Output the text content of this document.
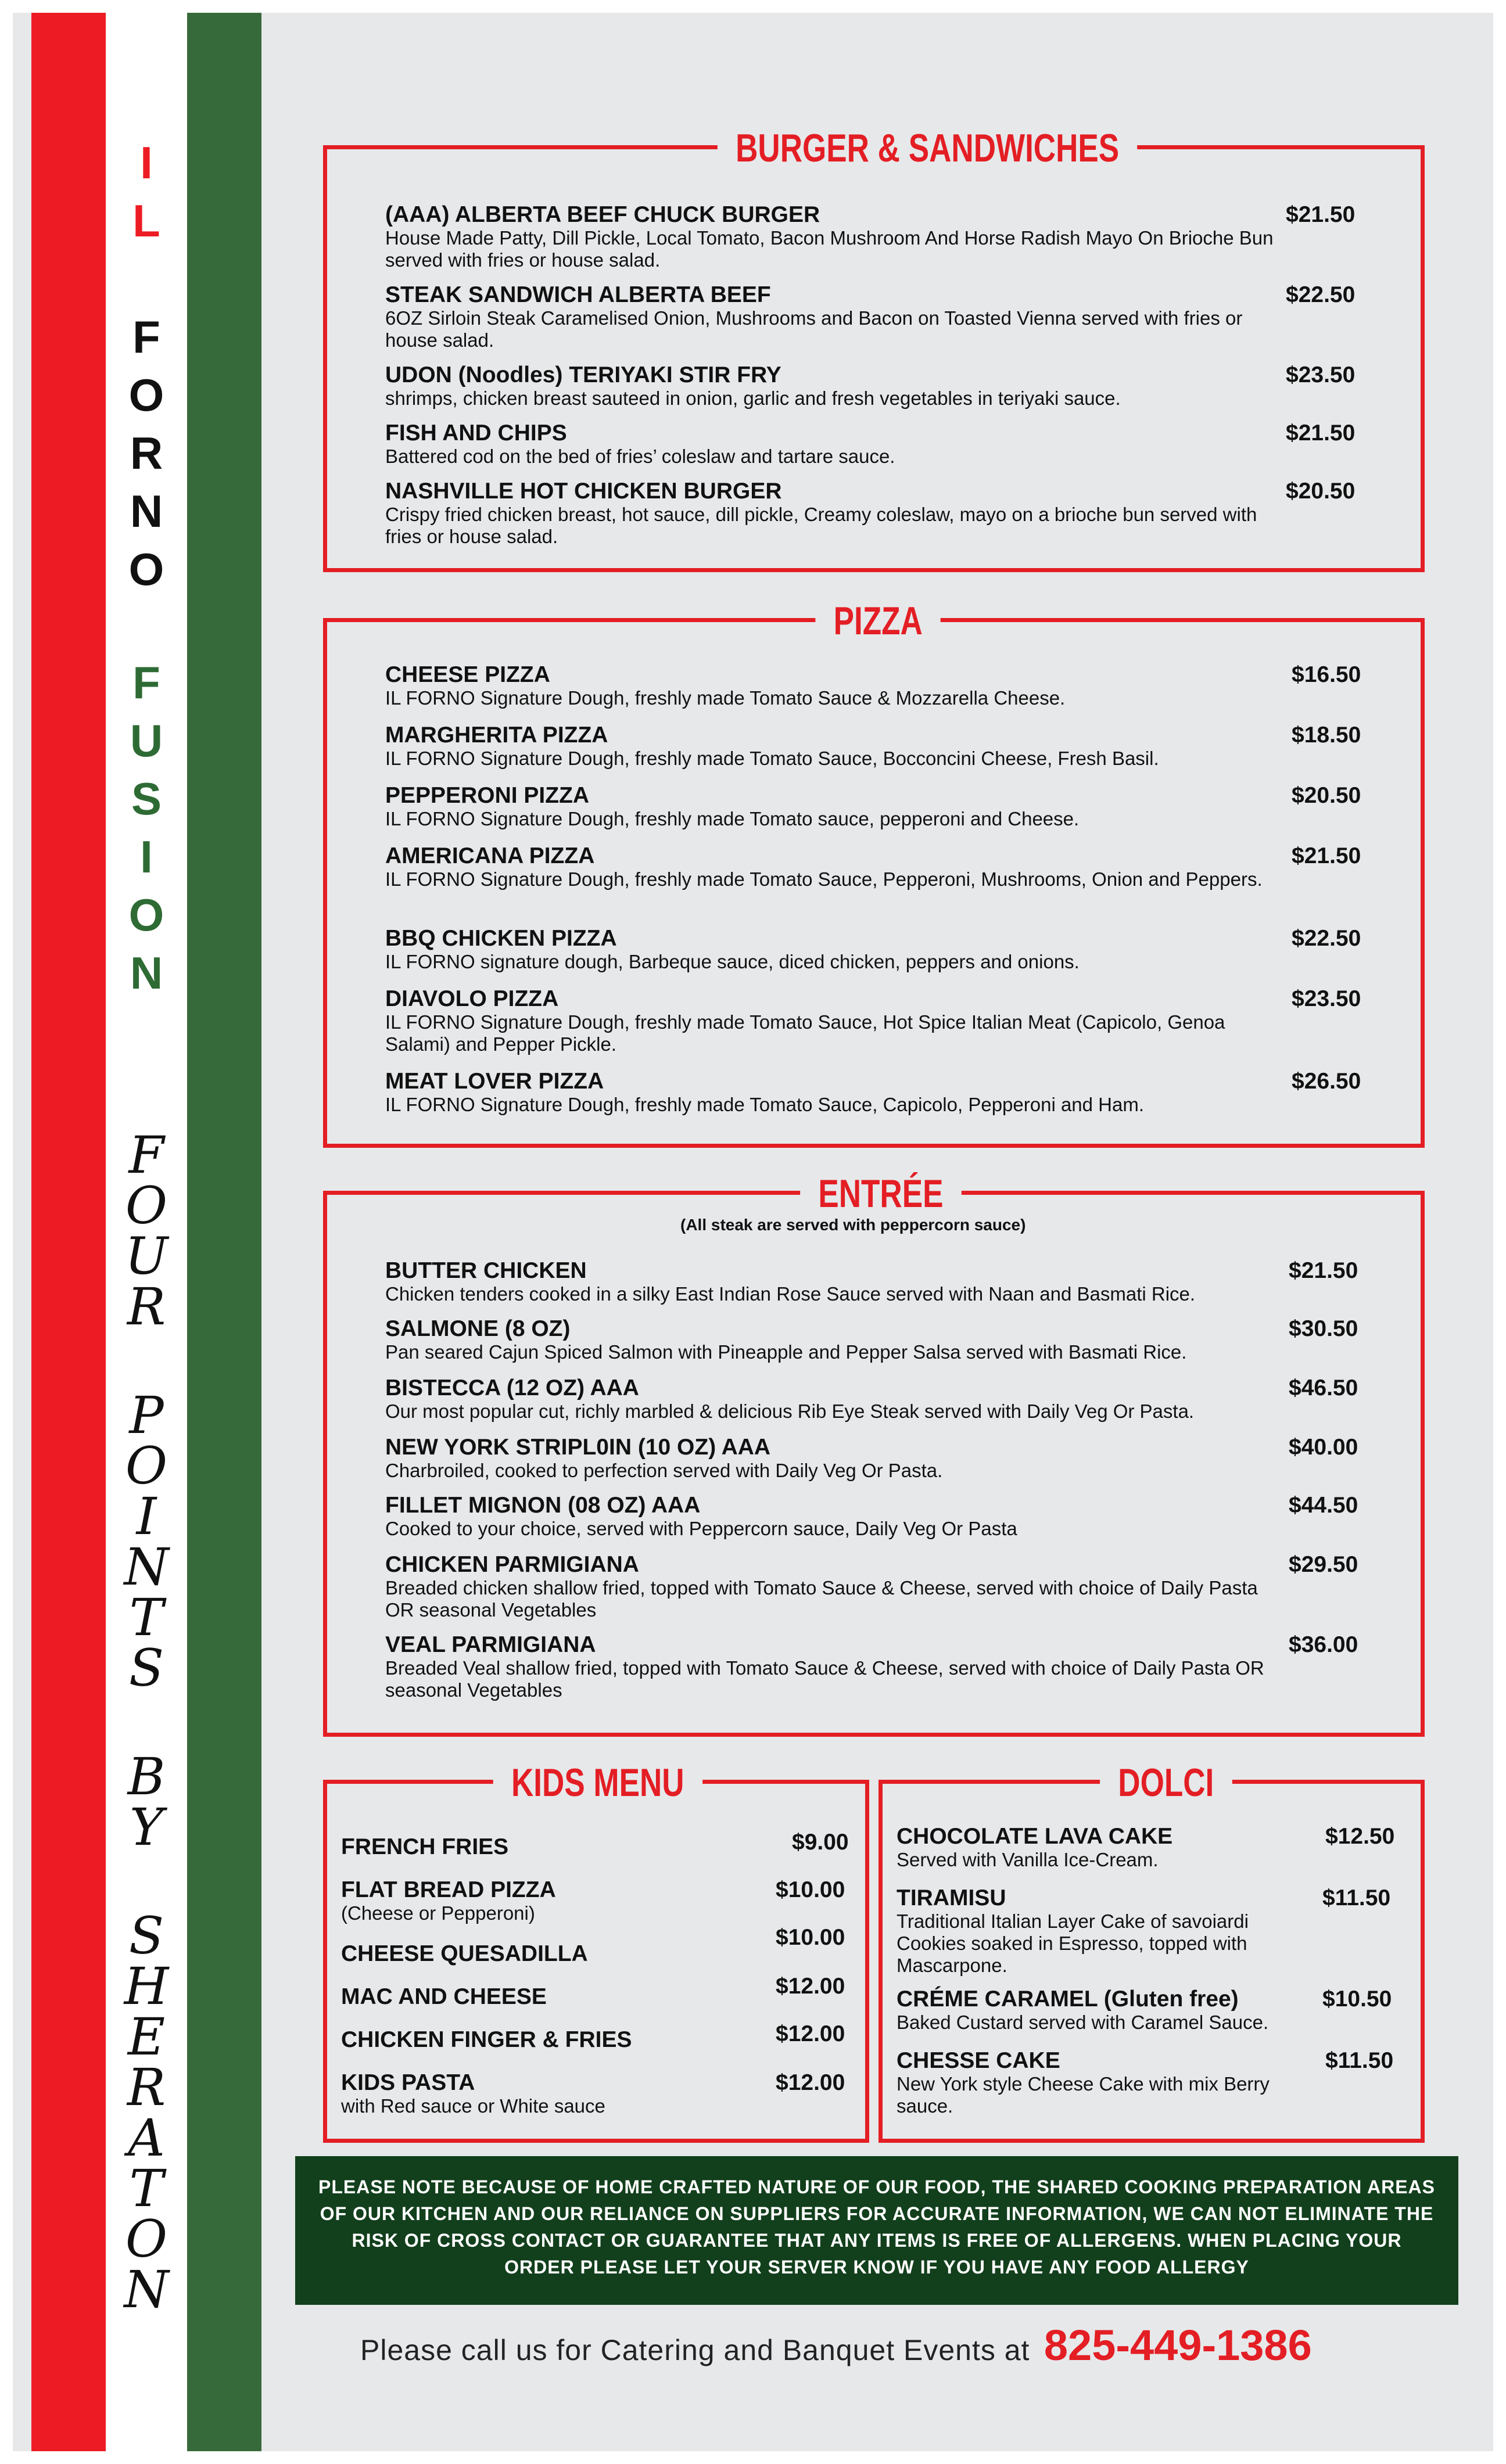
I
L
F
O
R
N
O
F
U
S
I
O
N
F
O
U
R
P
O
I
N
T
S
B
Y
S
H
E
R
A
T
O
N
BURGER & SANDWICHES
(AAA) ALBERTA BEEF CHUCK BURGER
House Made Patty, Dill Pickle, Local Tomato, Bacon Mushroom And Horse Radish Mayo On Brioche Bun served with fries or house salad.
$21.50
STEAK SANDWICH ALBERTA BEEF
6OZ Sirloin Steak Caramelised Onion, Mushrooms and Bacon on Toasted Vienna served with fries or house salad.
$22.50
UDON (Noodles) TERIYAKI STIR FRY
shrimps, chicken breast sauteed in onion, garlic and fresh vegetables in teriyaki sauce.
$23.50
FISH AND CHIPS
Battered cod on the bed of fries’ coleslaw and tartare sauce.
$21.50
NASHVILLE HOT CHICKEN BURGER
Crispy fried chicken breast, hot sauce, dill pickle, Creamy coleslaw, mayo on a brioche bun served with fries or house salad.
$20.50
PIZZA
CHEESE PIZZA
IL FORNO Signature Dough, freshly made Tomato Sauce & Mozzarella Cheese.
$16.50
MARGHERITA PIZZA
IL FORNO Signature Dough, freshly made Tomato Sauce, Bocconcini Cheese, Fresh Basil.
$18.50
PEPPERONI PIZZA
IL FORNO Signature Dough, freshly made Tomato sauce, pepperoni and Cheese.
$20.50
AMERICANA PIZZA
IL FORNO Signature Dough, freshly made Tomato Sauce, Pepperoni, Mushrooms, Onion and Peppers.
$21.50
BBQ CHICKEN PIZZA
IL FORNO signature dough, Barbeque sauce, diced chicken, peppers and onions.
$22.50
DIAVOLO PIZZA
IL FORNO Signature Dough, freshly made Tomato Sauce, Hot Spice Italian Meat (Capicolo, Genoa Salami) and Pepper Pickle.
$23.50
MEAT LOVER PIZZA
IL FORNO Signature Dough, freshly made Tomato Sauce, Capicolo, Pepperoni and Ham.
$26.50
ENTRÉE
(All steak are served with peppercorn sauce)
BUTTER CHICKEN
Chicken tenders cooked in a silky East Indian Rose Sauce served with Naan and Basmati Rice.
$21.50
SALMONE (8 OZ)
Pan seared Cajun Spiced Salmon with Pineapple and Pepper Salsa served with Basmati Rice.
$30.50
BISTECCA (12 OZ) AAA
Our most popular cut, richly marbled & delicious Rib Eye Steak served with Daily Veg Or Pasta.
$46.50
NEW YORK STRIPL0IN (10 OZ) AAA
Charbroiled, cooked to perfection served with Daily Veg Or Pasta.
$40.00
FILLET MIGNON (08 OZ) AAA
Cooked to your choice, served with Peppercorn sauce, Daily Veg Or Pasta
$44.50
CHICKEN PARMIGIANA
Breaded chicken shallow fried, topped with Tomato Sauce & Cheese, served with choice of Daily Pasta OR seasonal Vegetables
$29.50
VEAL PARMIGIANA
Breaded Veal shallow fried, topped with Tomato Sauce & Cheese, served with choice of Daily Pasta OR seasonal Vegetables
$36.00
KIDS MENU
FRENCH FRIES	$9.00
FLAT BREAD PIZZA
(Cheese or Pepperoni)
$10.00
CHEESE QUESADILLA
$10.00
MAC AND CHEESE	$12.00
CHICKEN FINGER & FRIES	$12.00
KIDS PASTA
with Red sauce or White sauce
$12.00
DOLCI
CHOCOLATE LAVA CAKE
Served with Vanilla Ice-Cream.
$12.50
TIRAMISU
Traditional Italian Layer Cake of savoiardi Cookies soaked in Espresso, topped with Mascarpone.
$11.50
CRÉME CARAMEL (Gluten free)
Baked Custard served with Caramel Sauce.
$10.50
CHESSE CAKE
New York style Cheese Cake with mix Berry sauce.
$11.50
PLEASE NOTE BECAUSE OF HOME CRAFTED NATURE OF OUR FOOD, THE SHARED COOKING PREPARATION AREAS OF OUR KITCHEN AND OUR RELIANCE ON SUPPLIERS FOR ACCURATE INFORMATION, WE CAN NOT ELIMINATE THE RISK OF CROSS CONTACT OR GUARANTEE THAT ANY ITEMS IS FREE OF ALLERGENS. WHEN PLACING YOUR ORDER PLEASE LET YOUR SERVER KNOW IF YOU HAVE ANY FOOD ALLERGY
Please call us for Catering and Banquet Events at 825-449-1386
